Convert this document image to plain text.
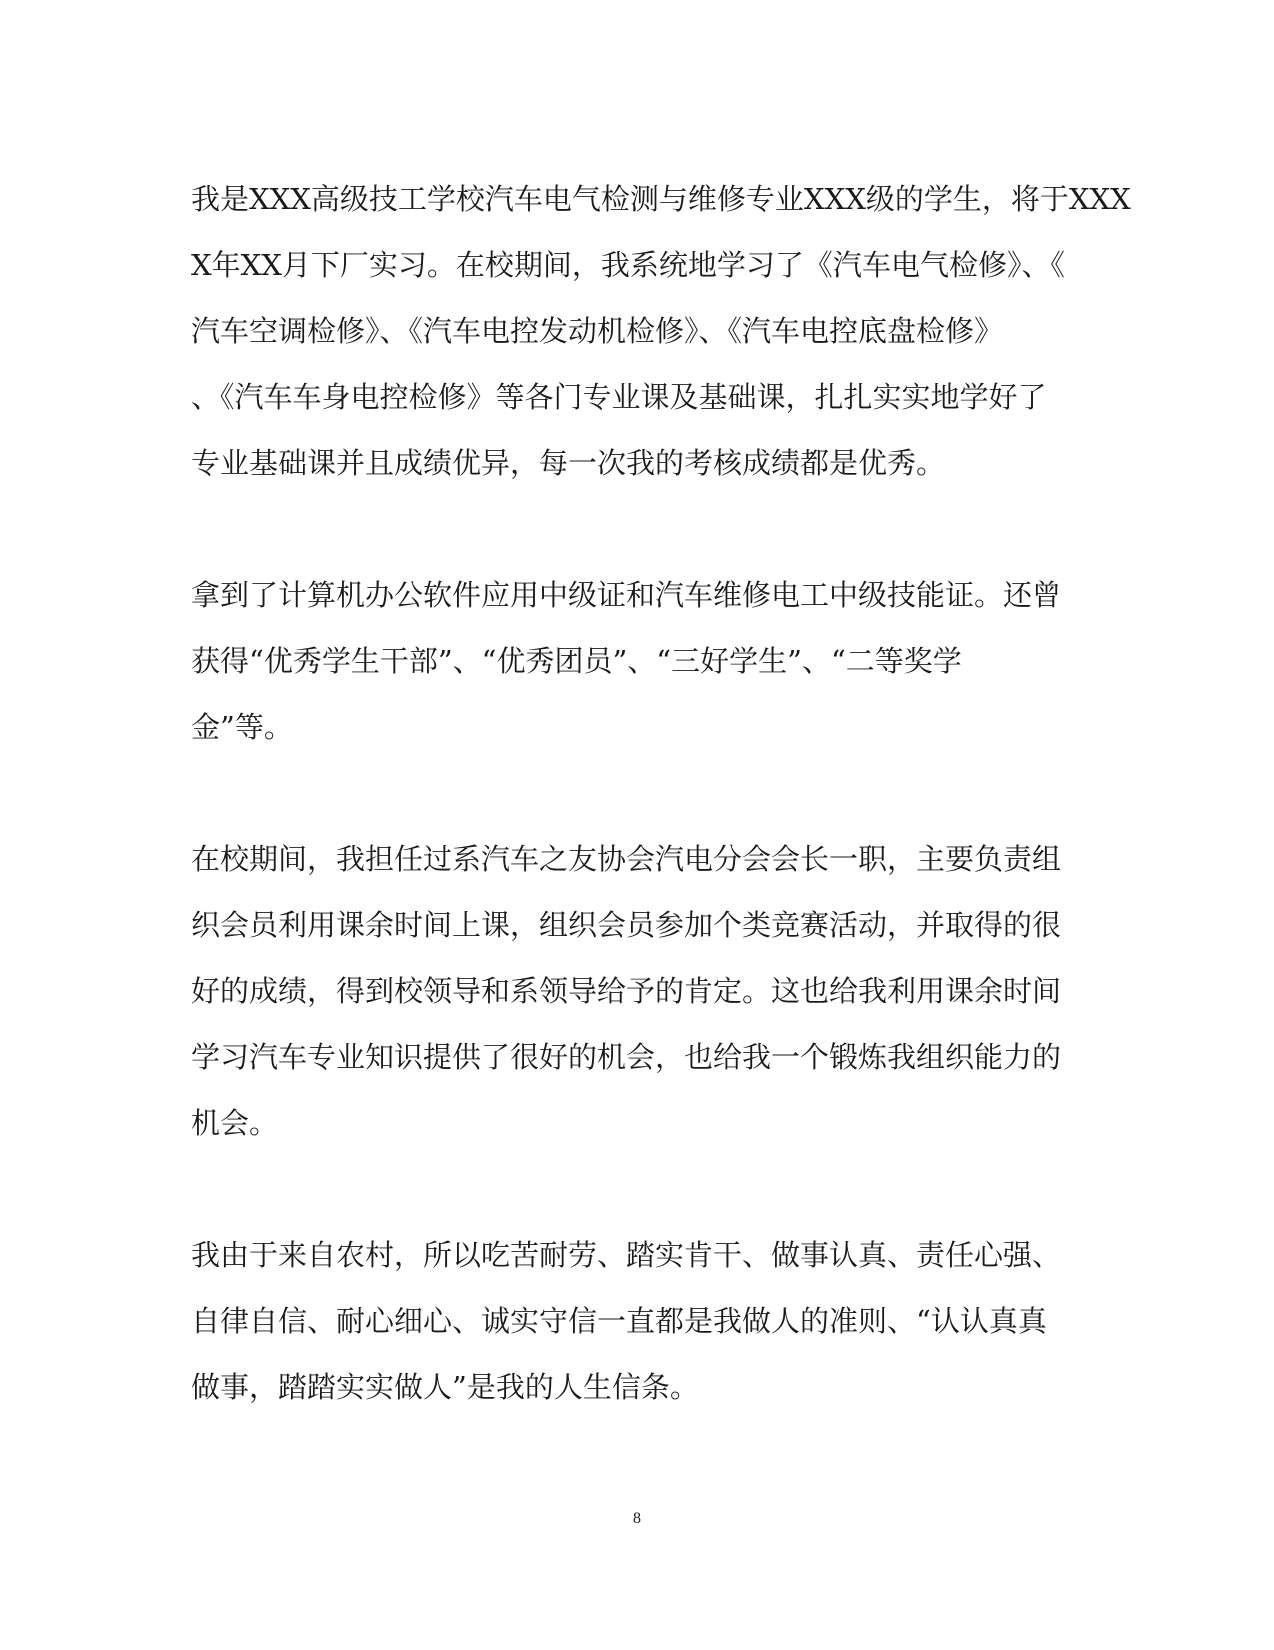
我是XXX高级技工学校汽车电气检测与维修专业XXX级的学生，将于XXX
X年XX月下厂实习。在校期间，我系统地学习了《汽车电气检修》、《
汽车空调检修》、《汽车电控发动机检修》、《汽车电控底盘检修》
、《汽车车身电控检修》等各门专业课及基础课，扎扎实实地学好了
专业基础课并且成绩优异，每一次我的考核成绩都是优秀。

拿到了计算机办公软件应用中级证和汽车维修电工中级技能证。还曾
获得“优秀学生干部”、“优秀团员”、“三好学生”、“二等奖学
金”等。

在校期间，我担任过系汽车之友协会汽电分会会长一职，主要负责组
织会员利用课余时间上课，组织会员参加个类竞赛活动，并取得的很
好的成绩，得到校领导和系领导给予的肯定。这也给我利用课余时间
学习汽车专业知识提供了很好的机会，也给我一个锻炼我组织能力的
机会。

我由于来自农村，所以吃苦耐劳、踏实肯干、做事认真、责任心强、
自律自信、耐心细心、诚实守信一直都是我做人的准则、“认认真真
做事，踏踏实实做人”是我的人生信条。

8
